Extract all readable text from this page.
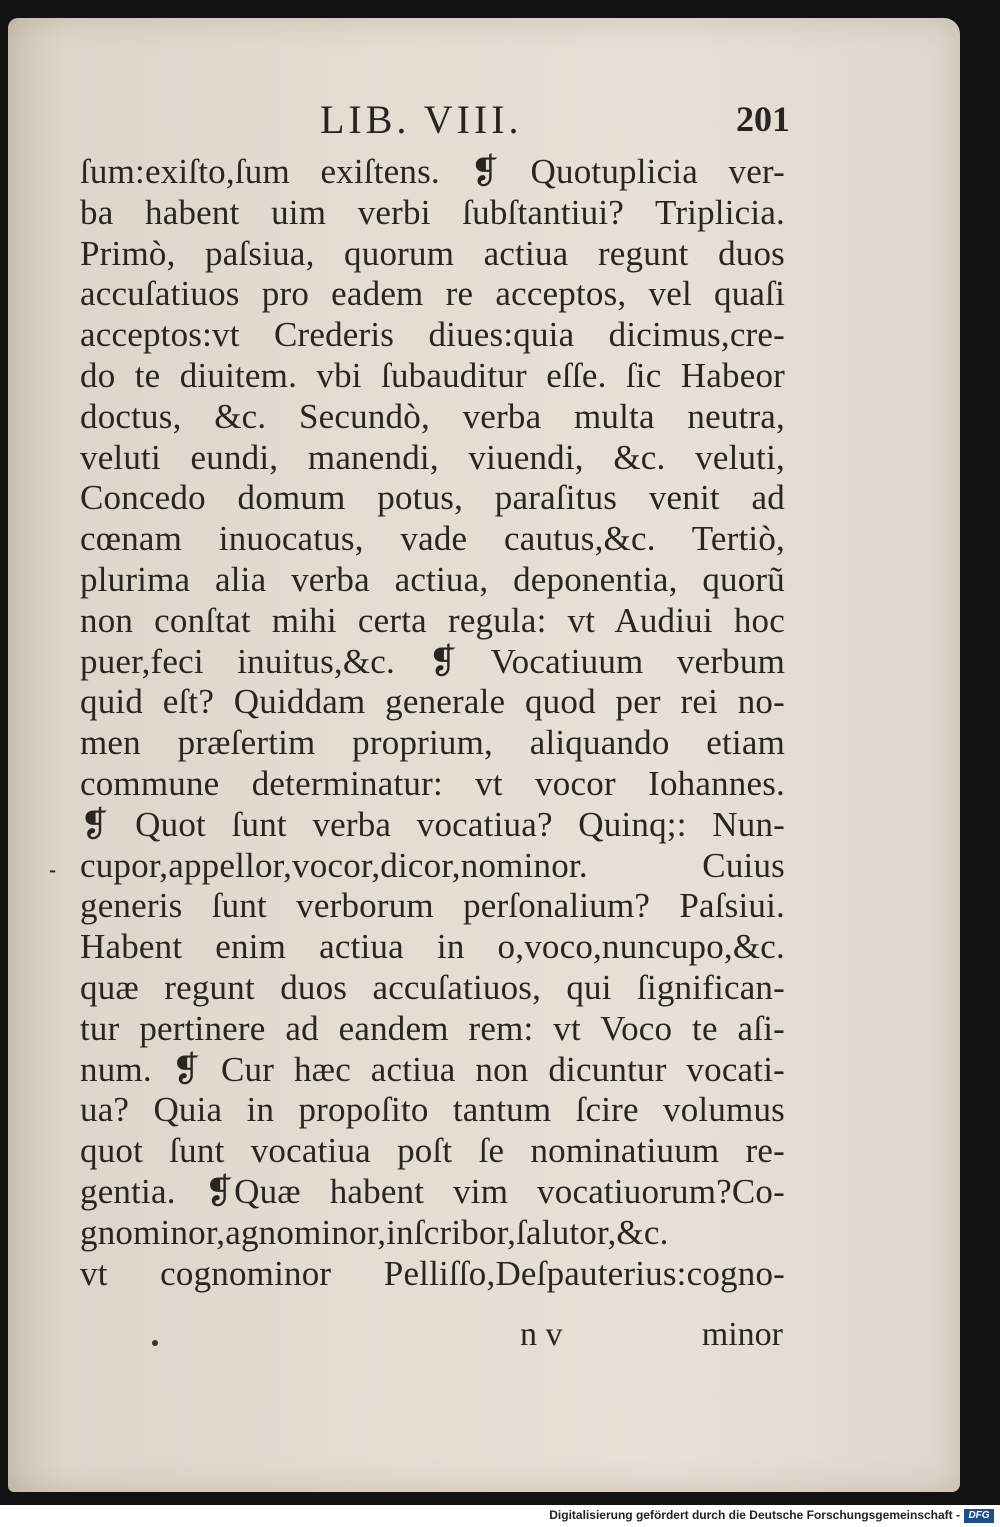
LIB. VIII.	201
ſum:exiſto,ſum exiſtens. ❡ Quotuplicia ver-
ba habent uim verbi ſubſtantiui? Triplicia.
Primò, paſsiua, quorum actiua regunt duos
accuſatiuos pro eadem re acceptos, vel quaſi
acceptos:vt Crederis diues:quia dicimus,cre-
do te diuitem. vbi ſubauditur eſſe. ſic Habeor
doctus, &c. Secundò, verba multa neutra,
veluti eundi, manendi, viuendi, &c. veluti,
Concedo domum potus, paraſitus venit ad
cœnam inuocatus, vade cautus,&c. Tertiò,
plurima alia verba actiua, deponentia, quorũ
non conſtat mihi certa regula: vt Audiui hoc
puer,feci inuitus,&c. ❡ Vocatiuum verbum
quid eſt? Quiddam generale quod per rei no-
men præſertim proprium, aliquando etiam
commune determinatur: vt vocor Iohannes.
❡ Quot ſunt verba vocatiua? Quinq;: Nun-
cupor,appellor,vocor,dicor,nominor. Cuius
generis ſunt verborum perſonalium? Paſsiui.
Habent enim actiua in o,voco,nuncupo,&c.
quæ regunt duos accuſatiuos, qui ſignifican-
tur pertinere ad eandem rem: vt Voco te aſi-
num. ❡ Cur hæc actiua non dicuntur vocati-
ua? Quia in propoſito tantum ſcire volumus
quot ſunt vocatiua poſt ſe nominatiuum re-
gentia. ❡Quæ habent vim vocatiuorum?Co-
gnominor,agnominor,inſcribor,ſalutor,&c.
vt cognominor Pelliſſo,Deſpauterius:cogno-
⁃
n v	minor
Digitalisierung gefördert durch die Deutsche Forschungsgemeinschaft - DFG
